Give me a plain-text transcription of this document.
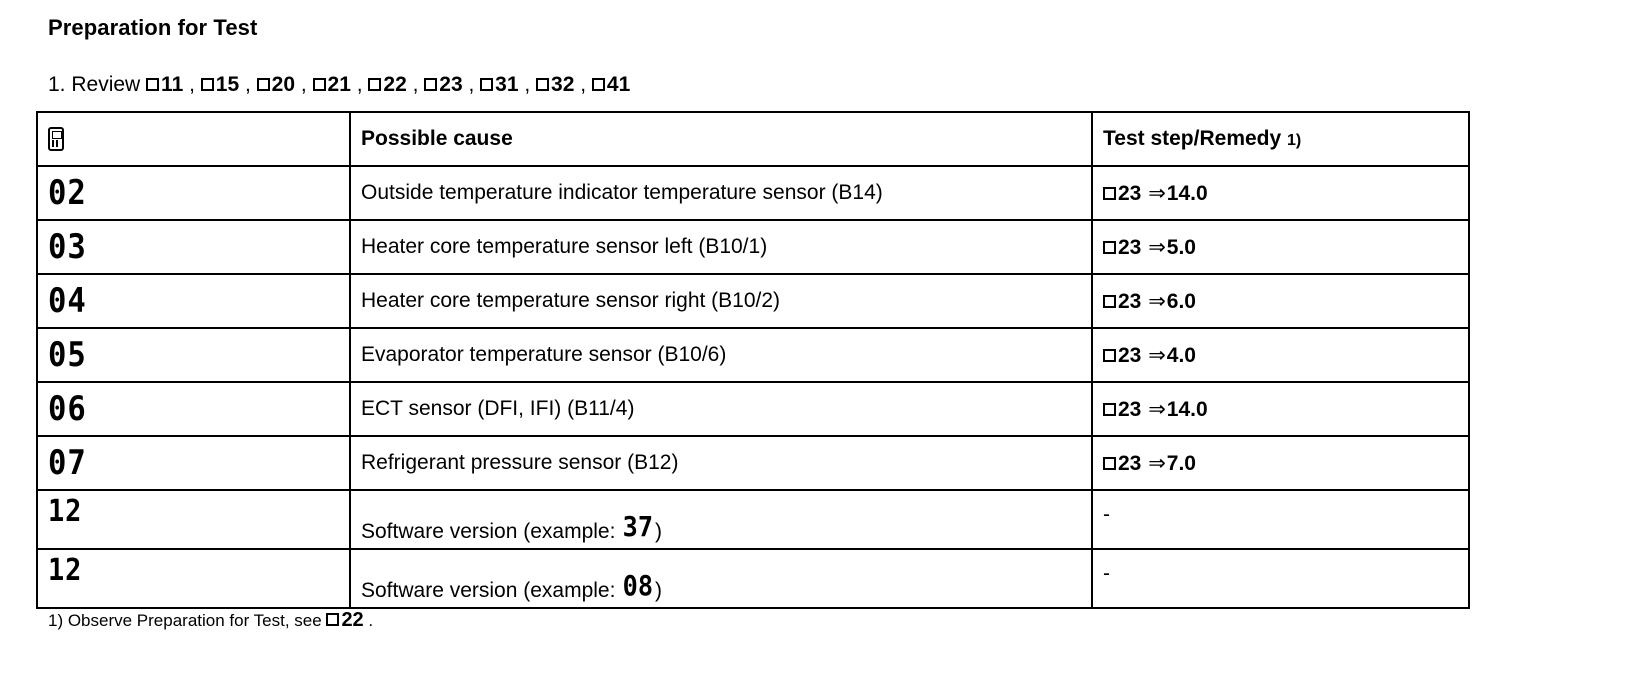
Preparation for Test
1. Review 11 , 15 , 20 , 21 , 22 , 23 , 31 , 32 , 41
	Possible cause	Test step/Remedy 1)
02	Outside temperature indicator temperature sensor (B14)	23 ⇒14.0
03	Heater core temperature sensor left (B10/1)	23 ⇒5.0
04	Heater core temperature sensor right (B10/2)	23 ⇒6.0
05	Evaporator temperature sensor (B10/6)	23 ⇒4.0
06	ECT sensor (DFI, IFI) (B11/4)	23 ⇒14.0
07	Refrigerant pressure sensor (B12)	23 ⇒7.0
12	Software version (example: 37)	-
12	Software version (example: 08)	-
1) Observe Preparation for Test, see 22 .
